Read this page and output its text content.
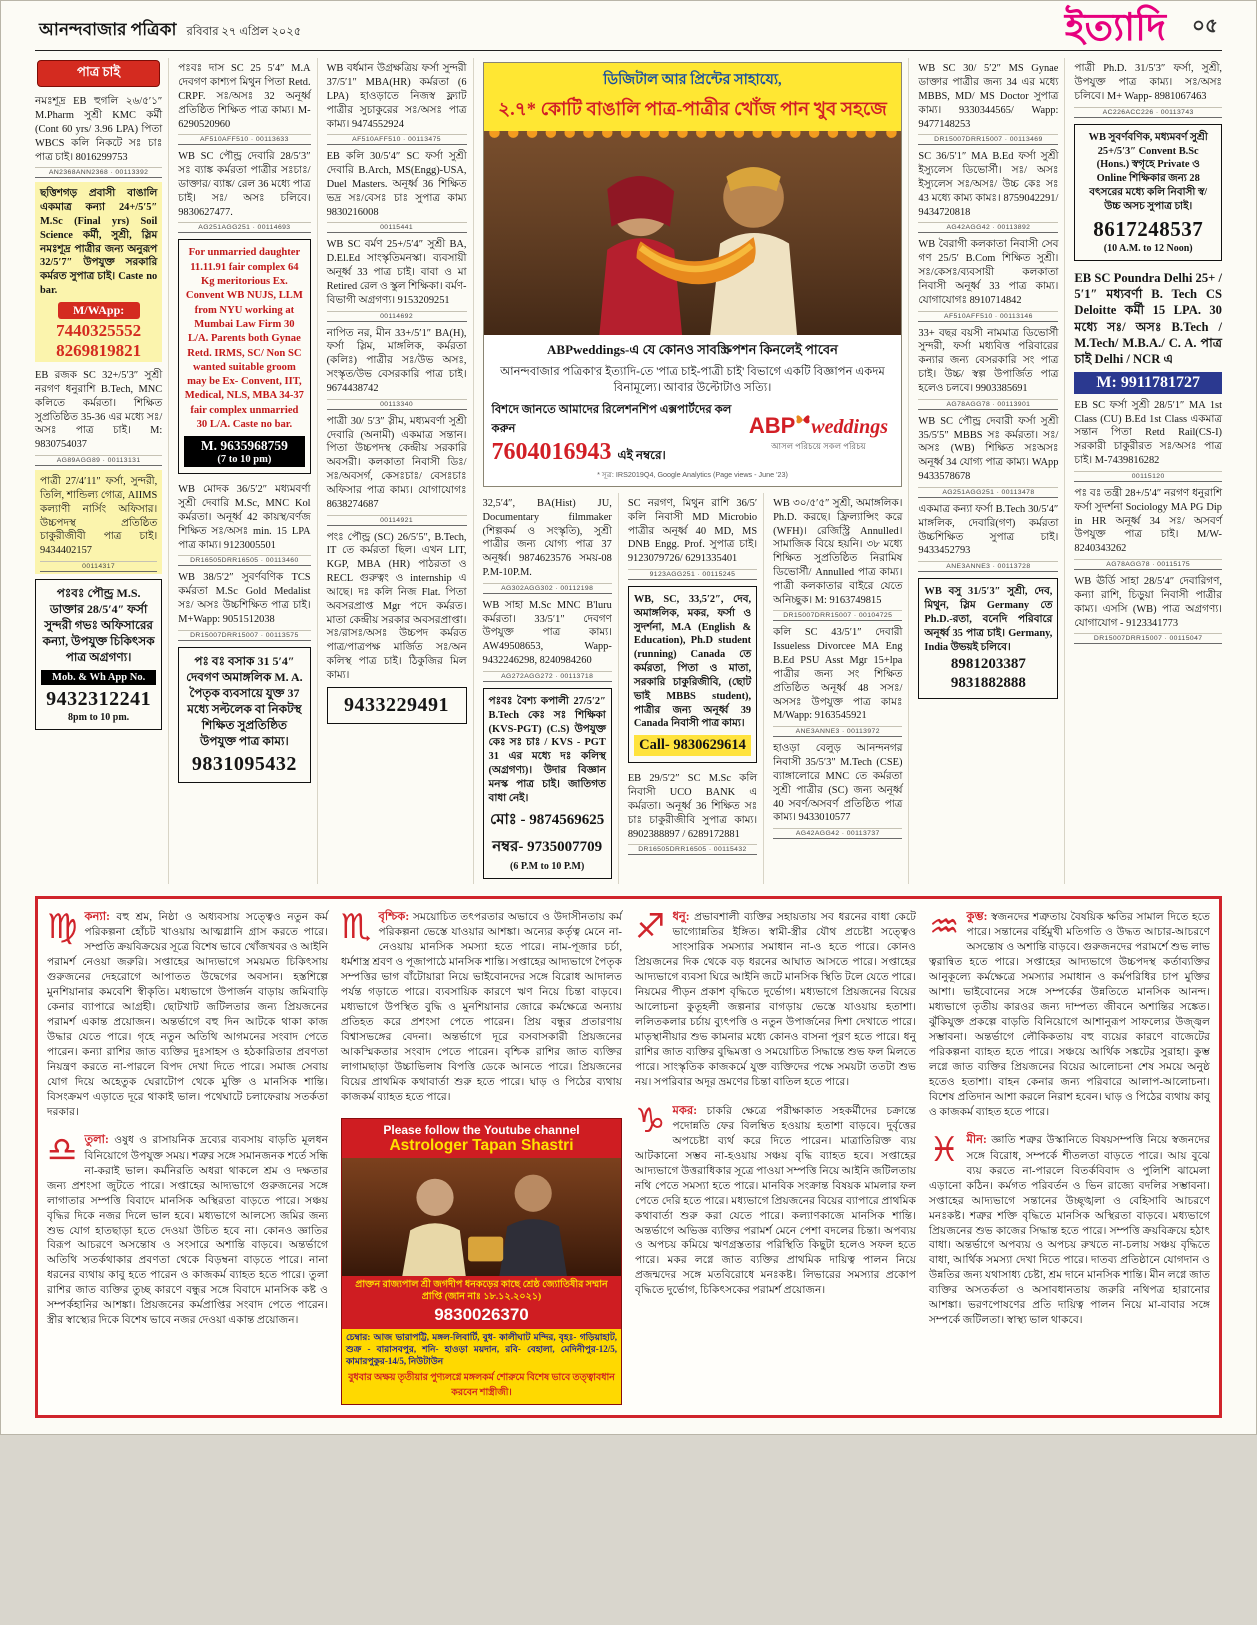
আনন্দবাজার পত্রিকা রবিবার ২৭ এপ্রিল ২০২৫	ইত্যাদি ০৫
পাত্র চাই

নমঃশূদ্র EB হুগলি ২৬/৫′১″ M.Pharm সুশ্রী KMC কর্মী (Cont 60 yrs/ 3.96 LPA) পিতা WBCS কলি নিকটে সঃ চাঃ পাত্র চাই। 8016299753

AN2368ANN2368 · 00113392

ছত্তিশগড় প্রবাসী বাঙালি একমাত্র কন্যা 24+/5′5″ M.Sc (Final yrs) Soil Science কর্মী, সুশ্রী, স্লিম নমঃশূদ্র পাত্রীর জন্য অনুরূপ 32/5′7″ উপযুক্ত সরকারি কর্মরত সুপাত্র চাই। Caste no bar.

M/WApp:
7440325552
8269819821

EB রজক SC 32+/5′3″ সুশ্রী নরগণ ধনুরাশি B.Tech, MNC কলিতে কর্মরতা। শিক্ষিত সুপ্রতিষ্ঠিত 35-36 এর মধ্যে সঃ/অসঃ পাত্র চাই। M: 9830754037

AG89AGG89 · 00113131

পাত্রী 27/4′11″ ফর্সা, সুন্দরী, তিলি, শান্ডিল্য গোত্র, AIIMS কল্যাণী নার্সিং অফিসার। উচ্চপদস্থ প্রতিষ্ঠিত চাকুরীজীবী পাত্র চাই। 9434402157

00114317

পঃবঃ পৌন্ড্র M.S. ডাক্তার 28/5′4″ ফর্সা সুন্দরী গভঃ অফিসারের কন্যা, উপযুক্ত চিকিৎসক পাত্র অগ্রগণ্য।

Mob. & Wh App No.
9432312241
8pm to 10 pm.

পঃবঃ দাস SC 25 5′4″ M.A দেবগণ কাশ্যপ মিথুন পিতা Retd. CRPF. সঃ/অসঃ 32 অনূর্ধ্ব প্রতিষ্ঠিত শিক্ষিত পাত্র কাম্য। M-6290520960

AF510AFF510 · 00113633

WB SC পৌন্ড্র দেবারি 28/5′3″ সঃ ব্যাঙ্ক কর্মরতা পাত্রীর সঃচাঃ/ ডাক্তার/ ব্যাঙ্ক/ রেল 36 মধ্যে পাত্র চাই। সঃ/ অসঃ চলিবে। 9830627477.

AG251AGG251 · 00114693

For unmarried daughter 11.11.91 fair complex 64 Kg meritorious Ex. Convent WB NUJS, LLM from NYU working at Mumbai Law Firm 30 L/A. Parents both Gynae Retd. IRMS, SC/ Non SC wanted suitable groom may be Ex- Convent, IIT, Medical, NLS, MBA 34-37 fair complex unmarried 30 L/A. Caste no bar.

M. 9635968759
(7 to 10 pm)

WB মোদক 36/5′2″ মধ্যমবর্ণা সুশ্রী দেবারি M.Sc, MNC Kol কর্মরতা। অনূর্ধ্ব 42 কায়স্থ/বর্ণজ শিক্ষিত সঃ/অসঃ min. 15 LPA পাত্র কাম্য। 9123005501

DR16505DRR16505 · 00113460

WB 38/5′2″ সুবর্ণবণিক TCS কর্মরতা M.Sc Gold Medalist সঃ/ অসঃ উচ্চশিক্ষিত পাত্র চাই। M+Wapp: 9051512038

DR15007DRR15007 · 00113575

পঃ বঃ বসাক 31 5′4″ দেবগণ অমাঙ্গলিক M. A. পৈতৃক ব্যবসায়ে যুক্ত 37 মধ্যে সল্টলেক বা নিকটস্থ শিক্ষিত সুপ্রতিষ্ঠিত উপযুক্ত পাত্র কাম্য।

9831095432

WB বর্ধমান উগ্রক্ষত্রিয় ফর্সা সুন্দরী 37/5′1″ MBA(HR) কর্মরতা (6 LPA) হাওড়াতে নিজস্ব ফ্ল্যাট পাত্রীর সুচাকুরের সঃ/অসঃ পাত্র কাম্য। 9474552924

AF510AFF510 · 00113475

EB কলি 30/5′4″ SC ফর্সা সুশ্রী দেবারি B.Arch, MS(Engg)-USA, Duel Masters. অনূর্ধ্ব 36 শিক্ষিত ভদ্র সঃ/বেসঃ চাঃ সুপাত্র কাম্য 9830216008

00115441

WB SC বর্মণ 25+/5′4″ সুশ্রী BA, D.El.Ed সাংস্কৃতিমনস্কা। ব্যবসায়ী অনূর্ধ্ব 33 পাত্র চাই। বাবা ও মা Retired রেল ও স্কুল শিক্ষিকা। বর্মণ-বিভাগী অগ্রগণ্য। 9153209251

00114692

নাপিত নর, মীন 33+/5′1″ BA(H), ফর্সা স্লিম, মাঙ্গলিক, কর্মরতা (কলিঃ) পাত্রীর সঃ/উভ অসঃ, সংস্কৃত/উভ বেসরকারি পাত্র চাই। 9674438742

00113340

পাত্রী 30/ 5′3″ স্লীম, মধ্যমবর্ণা সুশ্রী দেবারি (অনামী) একমাত্র সন্তান। পিতা উচ্চপদস্থ কেন্দ্রীয় সরকারি অবসরী। কলকাতা নিবাসী ডিঃ/সঃ/অবসর্গ, কেসঃচাঃ/ বেসঃচাঃ অফিসার পাত্র কাম্য। যোগাযোগঃ 8638274687

00114921

পংঃ পৌন্ড্র (SC) 26/5′5″, B.Tech, IT তে কর্মরতা ছিল। এখন LIT, KGP, MBA (HR) পাঠরতা ও RECL গুরুত্বং ও internship এ আছে। দঃ কলি নিজ Flat. পিতা অবসরপ্রাপ্ত Mgr পদে কর্মরত। মাতা কেন্দ্রীয় সরকার অবসরপ্রাপ্তা। সঃ/রাসঃ/অসঃ উচ্চপদ কর্মরত পাত্র/পাত্রপক্ষ মার্জিত সঃ/অন কলিস্থ পাত্র চাই। ঠিকুজির মিল কাম্য।

9433229491

ডিজিটাল আর প্রিন্টের সাহায্যে,

২.৭* কোটি বাঙালি পাত্র-পাত্রীর খোঁজ পান খুব সহজে

ABPweddings-এ যে কোনও সাবস্ক্রিপশন কিনলেই পাবেন

আনন্দবাজার পত্রিকা'র ইত্যাদি-তে 'পাত্র চাই-পাত্রী চাই' বিভাগে একটি বিজ্ঞাপন একদম বিনামূল্যে। আবার উল্টোটাও সত্যি।

বিশদে জানতে আমাদের রিলেশনশিপ এক্সপার্টদের কল করুন

7604016943 এই নম্বরে।

ABP weddings

আসল পরিচয়ে সকল পরিচয়

* সূত্র: IRS2019Q4, Google Analytics (Page views - June '23)

32,5′4″, BA(Hist) JU, Documentary filmmaker (শিল্পকর্ম ও সংস্কৃতি), সুশ্রী পাত্রীর জন্য যোগ্য পাত্র 37 অনূর্ধ্ব। 9874623576 সময়-08 P.M-10P.M.

AG302AGG302 · 00112198

WB সাহা M.Sc MNC B'luru কর্মরতা। 33/5′1″ দেবগণ উপযুক্ত পাত্র কাম্য। AW49508653, Wapp- 9432246298, 8240984260

AG272AGG272 · 00113718

পঃবঃ বৈশ্য কপালী 27/5′2″ B.Tech কেঃ সঃ শিক্ষিকা (KVS-PGT) (C.S) উপযুক্ত কেঃ সঃ চাঃ / KVS - PGT 31 এর মধ্যে দঃ কলিস্থ (অগ্রগণ্য)। উদার বিজ্ঞান মনস্ক পাত্র চাই। জাতিগত বাধা নেই।

মোঃ - 9874569625
নম্বর- 9735007709
(6 P.M to 10 P.M)

SC নরগণ, মিথুন রাশি 36/5′ কলি নিবাসী MD Microbio পাত্রীর অনূর্ধ্ব 40 MD, MS DNB Engg. Prof. সুপাত্র চাই। 9123079726/ 6291335401

9123AGG251 · 00115245

WB, SC, 33,5′2″, দেব, অমাঙ্গলিক, মকর, ফর্সা ও সুদর্শনা, M.A (English & Education), Ph.D student (running) Canada তে কর্মরতা, পিতা ও মাতা, সরকারি চাকুরিজীবি, (ছোট ভাই MBBS student), পাত্রীর জন্য অনূর্ধ্ব 39 Canada নিবাসী পাত্র কাম্য।

Call- 9830629614

EB 29/5′2″ SC M.Sc কলি নিবাসী UCO BANK এ কর্মরতা। অনূর্ধ্ব 36 শিক্ষিত সঃ চাঃ চাকুরীজীবি সুপাত্র কাম্য। 8902388897 / 6289172881

DR16505DRR16505 · 00115432

WB ৩০/৫′৫″ সুশ্রী, অমাঙ্গলিক। Ph.D. করছে। ফ্রিল্যান্সিং করে (WFH)। রেজিস্ট্রি Annulled। সামাজিক বিয়ে হয়নি। ৩৮ মধ্যে শিক্ষিত সুপ্রতিষ্ঠিত নিরামিষ ডিভোর্সী/ Annulled পাত্র কাম্য। পাত্রী কলকাতার বাইরে যেতে অনিচ্ছুক। M: 9163749815

DR15007DRR15007 · 00104725

কলি SC 43/5′1″ দেবারী Issueless Divorcee MA Eng B.Ed PSU Asst Mgr 15+lpa পাত্রীর জন্য সং শিক্ষিত প্রতিষ্ঠিত অনূর্ধ্ব 48 সসঃ/অসসঃ উপযুক্ত পাত্র কামঃ M/Wapp: 9163545921

ANE3ANNE3 · 00113972

হাওড়া বেলুড় আনন্দনগর নিবাসী 35/5′3″ M.Tech (CSE) ব্যাঙ্গালোরে MNC তে কর্মরতা সুশ্রী পাত্রীর (SC) জন্য অনূর্ধ্ব 40 সবর্ণ/অসবর্ণ প্রতিষ্ঠিত পাত্র কাম্য। 9433010577

AG42AGG42 · 00113737

WB SC 30/ 5′2″ MS Gynae ডাক্তার পাত্রীর জন্য 34 এর মধ্যে MBBS, MD/ MS Doctor সুপাত্র কাম্য। 9330344565/ Wapp: 9477148253

DR15007DRR15007 · 00113469

SC 36/5′1″ MA B.Ed ফর্সা সুশ্রী ইস্যুলেস ডিভোর্সী। সঃ/ অসঃ ইস্যুলেস সঃ/অসঃ/ উচ্চ কেঃ সঃ 43 মধ্যে কাম্য কামঃ। 8759042291/ 9434720818

AG42AGG42 · 00113892

WB বৈরাগী কলকাতা নিবাসী সেব গণ 25/5′ B.Com শিক্ষিত সুশ্রী। সঃ/কেসঃ/ব্যবসায়ী কলকাতা নিবাসী অনূর্ধ্ব 33 পাত্র কাম্য। যোগাযোগঃ 8910714842

AF510AFF510 · 00113146

33+ বছর বয়সী নামমাত্র ডিভোর্সী সুন্দরী, ফর্সা মধ্যবিত্ত পরিবারের কন্যার জন্য বেসরকারি সং পাত্র চাই। উচ্চ/ স্বল্প উপার্জিত পাত্র হলেও চলবে। 9903385691

AG78AGG78 · 00113901

WB SC পৌন্ড্র দেবারী ফর্সা সুশ্রী 35/5′5″ MBBS সঃ কর্মরতা। সঃ/অসঃ (WB) শিক্ষিত সঃঅসঃ অনূর্ধ্ব 34 যোগ্য পাত্র কাম্য। WApp 9433578678

AG251AGG251 · 00113478

একমাত্র কন্যা ফর্সা B.Tech 30/5′4″ মাঙ্গলিক, দেবারি(গণ) কর্মরতা উচ্চশিক্ষিত সুপাত্র চাই। 9433452793

ANE3ANNE3 · 00113728

WB বসু 31/5′3″ সুশ্রী, দেব, মিথুন, স্লিম Germany তে Ph.D.-রতা, বনেদি পরিবারে অনূর্ধ্ব 35 পাত্র চাই। Germany, India উভয়ই চলিবে।

8981203387
9831882888

পাত্রী Ph.D. 31/5′3″ ফর্সা, সুশ্রী, উপযুক্ত পাত্র কাম্য। সঃ/অসঃ চলিবে। M+ Wapp- 8981067463

AC226ACC226 · 00113743

WB সুবর্ণবণিক, মধ্যমবর্ণ সুশ্রী 25+/5′3″ Convent B.Sc (Hons.) স্বগৃহে Private ও Online শিক্ষিকার জন্য 28 বৎসরের মধ্যে কলি নিবাসী স্ব/ উচ্চ অসচ সুপাত্র চাই।

8617248537
(10 A.M. to 12 Noon)

EB SC Poundra Delhi 25+ / 5′1″ মধ্যবর্ণা B. Tech CS Deloitte কর্মী 15 LPA. 30 মধ্যে সঃ/ অসঃ B.Tech / M.Tech/ M.B.A./ C. A. পাত্র চাই Delhi / NCR এ

M: 9911781727

EB SC ফর্সা সুশ্রী 28/5′1″ MA 1st Class (CU) B.Ed 1st Class একমাত্র সন্তান পিতা Retd Rail(CS-I) সরকারী চাকুরীরত সঃ/অসঃ পাত্র চাই। M-7439816282

00115120

পঃ বঃ তন্ত্রী 28+/5′4″ নরগণ ধনুরাশি ফর্সা সুদর্শনা Sociology MA PG Dip in HR অনূর্ধ্ব 34 সঃ/ অসবর্ণ উপযুক্ত পাত্র চাই। M/W-8240343262

AG78AGG78 · 00115175

WB ঊর্ডি সাহা 28/5′4″ দেবারিগণ, কন্যা রাশি, চিড়ুয়া নিবাসী পাত্রীর কাম্য। এসসি (WB) পাত্র অগ্রগণ্য। যোগাযোগ - 9123341773

DR15007DRR15007 · 00115047
♍ কন্যা: বহু শ্রম, নিষ্ঠা ও অধ্যবসায় সত্ত্বেও নতুন কর্ম পরিকল্পনা হোঁচট খাওয়ায় আত্মগ্লানি গ্রাস করতে পারে। সম্প্রতি ক্রয়বিক্রয়ের সূত্রে বিশেষ ভাবে খোঁজখবর ও আইনি পরামর্শ নেওয়া জরুরি। সপ্তাহের আদ্যভাগে সময়মত চিকিৎসায় গুরুজনের দেহরোগে আপাতত উদ্বেগের অবসান। হস্তশিল্পে মুনশিয়ানার কমবেশি স্বীকৃতি। মধ্যভাগে উপার্জন বাড়ায় জমিবাড়ি কেনার ব্যাপারে আগ্রহী। ছোটখাট জটিলতার জন্য প্রিয়জনের পরামর্শ একান্ত প্রয়োজন। অন্তর্ভাগে বহু দিন আটকে থাকা কাজ উদ্ধার যেতে পারে। গৃহে নতুন অতিথি আগমনের সংবাদ পেতে পারেন। কন্যা রাশির জাত ব্যক্তির দুঃসাহস ও হঠকারিতার প্রবণতা নিয়ন্ত্রণ করতে না-পারলে বিপদ দেখা দিতে পারে। সমাজ সেবায় যোগ দিয়ে অহেতুক ঘেরাটোপ থেকে মুক্তি ও মানসিক শান্তি। বিসংক্রমণ এড়াতে দূরে থাকাই ভাল। পথেঘাটে চলাফেরায় সতর্কতা দরকার।

♎ তুলা: ওষুধ ও রাসায়নিক দ্রব্যের ব্যবসায় বাড়তি মূলধন বিনিয়োগে উপযুক্ত সময়। শত্রুর সঙ্গে সমানজনক শর্তে সন্ধি না-করাই ভাল। কর্মনিরতি অধরা থাকলে শ্রম ও দক্ষতার জন্য প্রশংসা জুটতে পারে। সপ্তাহের আদ্যভাগে গুরুজনের সঙ্গে লাগাতার সম্পত্তি বিবাদে মানসিক অস্থিরতা বাড়তে পারে। সঞ্চয় বৃদ্ধির দিকে নজর দিলে ভাল হবে। মধ্যভাগে আলস্যে জমির জন্য শুভ যোগ হাতছাড়া হতে দেওয়া উচিত হবে না। কোনও জ্ঞাতির বিরূপ আচরণে অসন্তোষ ও সংসারে অশান্তি বাড়বে। অন্তর্ভাগে অতিথি সতর্কথাকার প্রবণতা থেকে বিড়ম্বনা বাড়তে পারে। নানা ধরনের ব্যথায় কাবু হতে পারেন ও কাজকর্ম ব্যাহত হতে পারে। তুলা রাশির জাত ব্যক্তির তুচ্ছ কারণে বন্ধুর সঙ্গে বিবাদে মানসিক কষ্ট ও সম্পর্কহানির আশঙ্কা। প্রিয়জনের কর্মপ্রাপ্তির সংবাদ পেতে পারেন। স্ত্রীর স্বাস্থ্যের দিকে বিশেষ ভাবে নজর দেওয়া একান্ত প্রয়োজন।

♏ বৃশ্চিক: সময়োচিত তৎপরতার অভাবে ও উদাসীনতায় কর্ম পরিকল্পনা ভেস্তে যাওয়ার আশঙ্কা। অন্যের কর্তৃত্ব মেনে না-নেওয়ায় মানসিক সমস্যা হতে পারে। নাম-পূজার চর্চা, ধর্মশাস্ত্র শ্রবণ ও পূজাপাঠে মানসিক শান্তি। সপ্তাহের আদ্যভাগে পৈতৃক সম্পত্তির ভাগ বাঁটোয়ারা নিয়ে ভাইবোনদের সঙ্গে বিরোধ আদালত পর্যন্ত গড়াতে পারে। ব্যবসায়িক কারণে ঋণ নিয়ে চিন্তা বাড়বে। মধ্যভাগে উপস্থিত বুদ্ধি ও মুনশিয়ানার জোরে কর্মক্ষেত্রে অন্যায় প্রতিহত করে প্রশংসা পেতে পারেন। প্রিয় বন্ধুর প্রতারণায় বিশ্বাসভঙ্গের বেদনা। অন্তর্ভাগে দূরে বসবাসকারী প্রিয়জনের আকস্মিকতার সংবাদ পেতে পারেন। বৃশ্চিক রাশির জাত ব্যক্তির লাগামছাড়া উচ্চাভিলাষ বিপত্তি ডেকে আনতে পারে। প্রিয়জনের বিয়ের প্রাথমিক কথাবার্তা শুরু হতে পারে। ঘাড় ও পিঠের ব্যথায় কাজকর্ম ব্যাহত হতে পারে।

Please follow the Youtube channel
Astrologer Tapan Shastri
প্রাক্তন রাজ্যপাল শ্রী জগদীপ ধনকড়ের কাছে শ্রেষ্ঠ জ্যোতিষীর সম্মান প্রাপ্তি (জান নাঃ ১৮.১২.২০২১)
9830026370
চেম্বার: আজ ভারাপট্টি, মঙ্গল-লিবার্টি, বুধ- কালীঘাট মন্দির, বৃহঃ- গড়িয়াহাট, শুক্র - বারাসবপুর, শনি- হাওড়া ময়দান, রবি- বেহালা, মেদিনীপুর-12/5, কামারপুকুর-14/5, নিউটাউন
বুধবার অক্ষয় তৃতীয়ার পুণ্যলগ্নে মঙ্গলকর্ম শোরুমে বিশেষ ভাবে তত্ত্বাবধান করবেন শাস্ত্রীজী।
♐ ধনু: প্রভাবশালী ব্যক্তির সহায়তায় সব ধরনের বাধা কেটে ভাগ্যোন্নতির ইঙ্গিত। স্বামী-স্ত্রীর যৌথ প্রচেষ্টা সত্ত্বেও সাংসারিক সমস্যার সমাধান না-ও হতে পারে। কোনও প্রিয়জনের দিক থেকে বড় ধরনের আঘাত আসতে পারে। সপ্তাহের আদ্যভাগে ব্যবসা ঘিরে আইনি জটে মানসিক স্থিতি টলে যেতে পারে। নিয়মের পীড়ন প্রকাশ বৃদ্ধিতে দুর্ভোগ। মধ্যভাগে প্রিয়জনের বিয়ের আলোচনা কুতূহলী জল্পনার বাগড়ায় ভেস্তে যাওয়ায় হতাশা। ললিতকলার চর্চায় ব্যুৎপত্তি ও নতুন উপার্জনের দিশা দেখাতে পারে। মাতৃস্থানীয়ার শুভ কামনার মধ্যে কোনও বাসনা পূরণ হতে পারে। ধনু রাশির জাত ব্যক্তির বুদ্ধিমত্তা ও সময়োচিত সিদ্ধান্তে শুভ ফল মিলতে পারে। সাংস্কৃতিক কাজকর্মে যুক্ত ব্যক্তিদের পক্ষে সময়টা ততটা শুভ নয়। সপরিবার অদূর ভ্রমণের চিন্তা বাতিল হতে পারে।

♑ মকর: চাকরি ক্ষেত্রে পরীক্ষাকাত সহকর্মীদের চক্রান্তে পদোন্নতি ফের বিলম্বিত হওয়ায় হতাশা বাড়বে। দুর্বৃত্তের অপচেষ্টা ব্যর্থ করে দিতে পারেন। মাত্রাতিরিক্ত ব্যয় আটকানো সম্ভব না-হওয়ায় সঞ্চয় বৃদ্ধি ব্যাহত হবে। সপ্তাহের আদ্যভাগে উত্তরাধিকার সূত্রে পাওয়া সম্পত্তি নিয়ে আইনি জটিলতায় নথি পেতে সমস্যা হতে পারে। মানবিক সংক্রান্ত বিষয়ক মামলার ফল পেতে দেরি হতে পারে। মধ্যভাগে প্রিয়জনের বিয়ের ব্যাপারে প্রাথমিক কথাবার্তা শুরু করা যেতে পারে। কল্যাণকাজে মানসিক শান্তি। অন্তর্ভাগে অভিজ্ঞ ব্যক্তির পরামর্শ মেনে পেশা বদলের চিন্তা। অপব্যয় ও অপচয় কমিয়ে ঋণগ্রস্ততার পরিস্থিতি কিছুটা হলেও সফল হতে পারে। মকর লগ্নে জাত ব্যক্তির প্রাথমিক দায়িত্ব পালন নিয়ে প্রজন্মদের সঙ্গে মতবিরোধে মনঃকষ্ট। লিভারের সমস্যার প্রকোপ বৃদ্ধিতে দুর্ভোগ, চিকিৎসকের পরামর্শ প্রয়োজন।

♒ কুম্ভ: স্বজনদের শত্রুতায় বৈষয়িক ক্ষতির সামাল দিতে হতে পারে। সন্তানের বর্হিমুখী মতিগতি ও উদ্ধত আচার-আচরণে অসন্তোষ ও অশান্তি বাড়বে। গুরুজনদের পরামর্শে শুভ লাভ ত্বরান্বিত হতে পারে। সপ্তাহের আদ্যভাগে উচ্চপদস্থ কর্তাব্যক্তির আনুকূল্যে কর্মক্ষেত্রে সমস্যার সমাধান ও কর্মপরিধির চাপ মুক্তির আশা। ভাইবোনের সঙ্গে সম্পর্কের উন্নতিতে মানসিক আনন্দ। মধ্যভাগে তৃতীয় কারওর জন্য দাম্পত্য জীবনে অশান্তির সঙ্কেত। ঝুঁকিযুক্ত প্রকল্পে বাড়তি বিনিয়োগে আশানুরূপ সাফল্যের উজ্জ্বল সম্ভাবনা। অন্তর্ভাগে লৌকিকতায় বহু ব্যয়ের কারণে বাজেটের পরিকল্পনা ব্যাহত হতে পারে। সঞ্চয়ে আর্থিক সঙ্কটের সুরাহা। কুম্ভ লগ্নে জাত ব্যক্তির প্রিয়জনের বিয়ের আলোচনা শেষ সময়ে অনুষ্ঠ হতেও হতাশা। বাহন কেনার জন্য পরিবারে আলাপ-আলোচনা। বিশেষ প্রতিদান আশা করলে নিরাশ হবেন। ঘাড় ও পিঠের ব্যথায় কাবু ও কাজকর্ম ব্যাহত হতে পারে।

♓ মীন: জ্ঞাতি শত্রুর উস্কান‌িতে বিষয়সম্পত্তি নিয়ে স্বজনদের সঙ্গে বিরোধ, সম্পর্কে শীতলতা বাড়তে পারে। আয় বুঝে ব্যয় করতে না-পারলে বিতর্কবিবাদ ও পুলিশি ঝামেলা এড়ানো কঠিন। কর্মগত পরিবর্তন ও ভিন রাজ্যে বদলির সম্ভাবনা। সপ্তাহের আদ্যভাগে সন্তানের উচ্ছৃঙ্খলা ও বেহিসাবি আচরণে মনঃকষ্ট। শত্রুর শক্তি বৃদ্ধিতে মানসিক অস্থিরতা বাড়বে। মধ্যভাগে প্রিয়জনের শুভ কাজের সিদ্ধান্ত হতে পারে। সম্পত্তি ক্রয়বিক্রয়ে হঠাৎ বাধা। অন্তর্ভাগে অপব্যয় ও অপচয় রুখতে না-চলায় সঞ্চয় বৃদ্ধিতে বাধা, আর্থিক সমস্যা দেখা দিতে পারে। দাতব্য প্রতিষ্ঠানে যোগদান ও উন্নতির জন্য যথাসাধ্য চেষ্টা, শ্রম দানে মানসিক শান্তি। মীন লগ্নে জাত ব্যক্তির অসতর্কতা ও অসাবধানতায় জরুরি নথিপত্র হারানোর আশঙ্কা। ভরণপোষণের প্রতি দায়িত্ব পালন নিয়ে মা-বাবার সঙ্গে সম্পর্কে জটিলতা। স্বাস্থ্য ভাল থাকবে।
